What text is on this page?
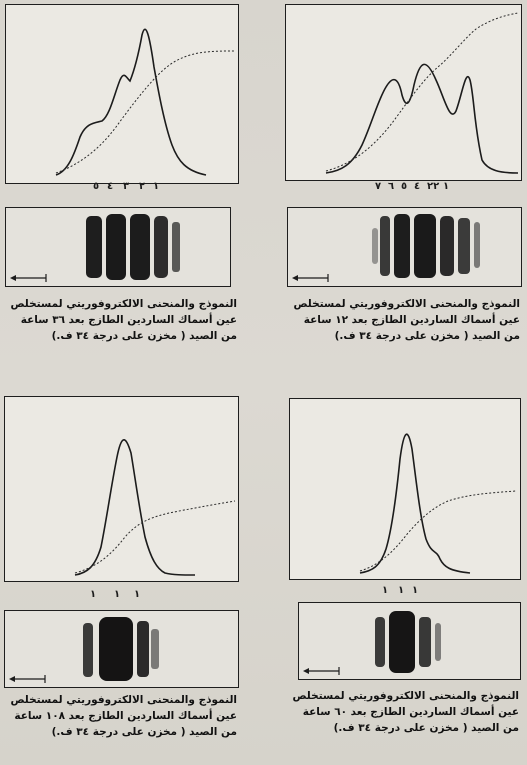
٧ ٦ ٥ ٤ ٢٢ ١
النموذج والمنحنى الالكتروفوريتي لمستخلص
عين أسماك الساردين الطازج بعد ١٢ ساعة
من الصيد ( مخزن على درجة ٣٤ ف.)
٥ ٤ ٣ ٢ ١
النموذج والمنحنى الالكتروفوريتي لمستخلص
عين أسماك الساردين الطازج بعد ٣٦ ساعة
من الصيد ( مخزن على درجة ٣٤ ف.)
١ ١ ١
النموذج والمنحنى الالكتروفوريتي لمستخلص
عين أسماك الساردين الطازج بعد ٦٠ ساعة
من الصيد ( مخزن على درجة ٣٤ ف.)
١ ١ ١
النموذج والمنحنى الالكتروفوريتي لمستخلص
عين أسماك الساردين الطازج بعد ١٠٨ ساعة
من الصيد ( مخزن على درجة ٣٤ ف.)
